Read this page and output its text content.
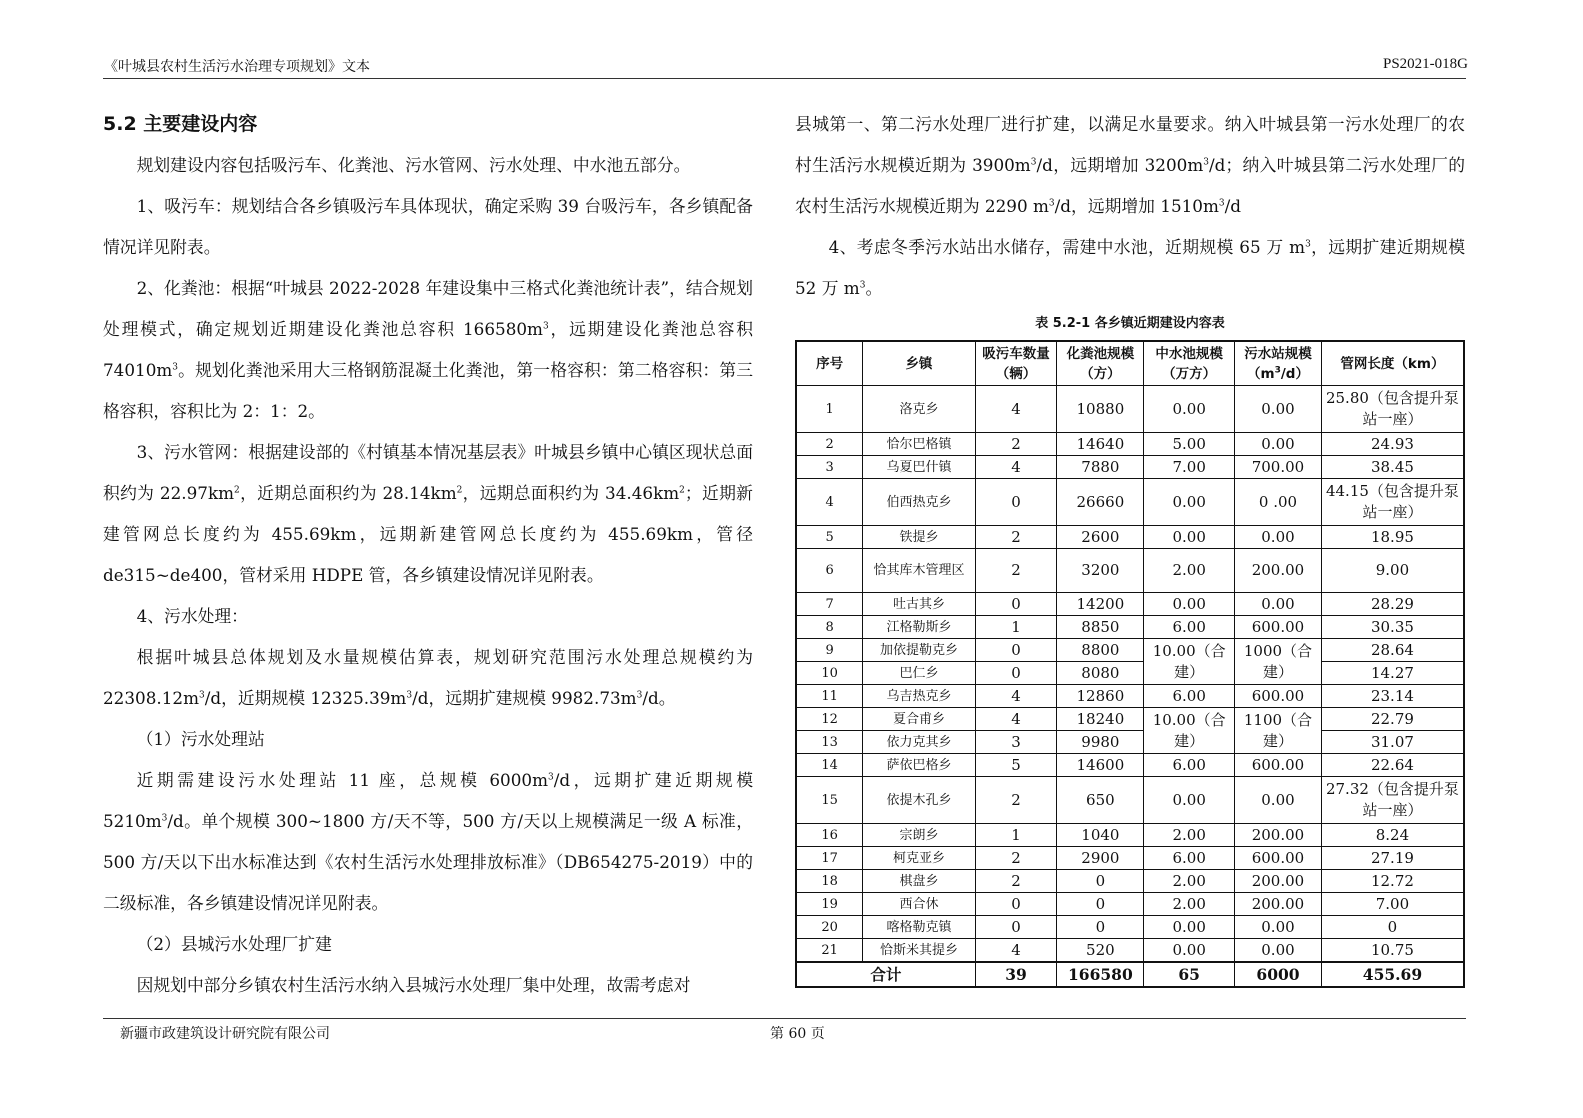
《叶城县农村生活污水治理专项规划》文本	PS2021-018G

5.2 主要建设内容

规划建设内容包括吸污车、化粪池、污水管网、污水处理、中水池五部分。

1、吸污车：规划结合各乡镇吸污车具体现状，确定采购 39 台吸污车，各乡镇配备情况详见附表。

2、化粪池：根据“叶城县 2022-2028 年建设集中三格式化粪池统计表”，结合规划处理模式，确定规划近期建设化粪池总容积 $166580m^3$，远期建设化粪池总容积 $74010m^3$。规划化粪池采用大三格钢筋混凝土化粪池，第一格容积：第二格容积：第三格容积，容积比为 2：1：2。

3、污水管网：根据建设部的《村镇基本情况基层表》叶城县乡镇中心镇区现状总面积约为 $22.97km^2$，近期总面积约为 $28.14km^2$，远期总面积约为 $34.46km^2$；近期新建管网总长度约为 455.69km，远期新建管网总长度约为 455.69km，管径 de315~de400，管材采用 HDPE 管，各乡镇建设情况详见附表。

4、污水处理：

根据叶城县总体规划及水量规模估算表，规划研究范围污水处理总规模约为 $22308.12m^3/d$，近期规模 $12325.39m^3/d$，远期扩建规模 $9982.73m^3/d$。

（1）污水处理站

近期需建设污水处理站 11 座，总规模 $6000m^3/d$，远期扩建近期规模 $5210m^3/d$。单个规模 300~1800 方/天不等，500 方/天以上规模满足一级 A 标准，500 方/天以下出水标准达到《农村生活污水处理排放标准》（DB654275-2019）中的二级标准，各乡镇建设情况详见附表。

（2）县城污水处理厂扩建

因规划中部分乡镇农村生活污水纳入县城污水处理厂集中处理，故需考虑对

县城第一、第二污水处理厂进行扩建，以满足水量要求。纳入叶城县第一污水处理厂的农村生活污水规模近期为 $3900m^3/d$，远期增加 $3200m^3/d$；纳入叶城县第二污水处理厂的农村生活污水规模近期为 2290 $m^3/d$，远期增加 $1510m^3/d$

4、考虑冬季污水站出水储存，需建中水池，近期规模 65 万 $m^3$，远期扩建近期规模 52 万 $m^3$。

表 5.2-1 各乡镇近期建设内容表
序号	乡镇	吸污车数量（辆）	化粪池规模（方）	中水池规模（万方）	污水站规模$(m^3/d)$	管网长度（km）
1	洛克乡	4	10880	0.00	0.00	25.80（包含提升泵站一座）
2	恰尔巴格镇	2	14640	5.00	0.00	24.93
3	乌夏巴什镇	4	7880	7.00	700.00	38.45
4	伯西热克乡	0	26660	0.00	0 .00	44.15（包含提升泵站一座）
5	铁提乡	2	2600	0.00	0.00	18.95
6	恰其库木管理区	2	3200	2.00	200.00	9.00
7	吐古其乡	0	14200	0.00	0.00	28.29
8	江格勒斯乡	1	8850	6.00	600.00	30.35
9	加依提勒克乡	0	8800	10.00（合建）	1000（合建）	28.64
10	巴仁乡	0	8080			14.27
11	乌吉热克乡	4	12860	6.00	600.00	23.14
12	夏合甫乡	4	18240	10.00（合建）	1100（合建）	22.79
13	依力克其乡	3	9980			31.07
14	萨依巴格乡	5	14600	6.00	600.00	22.64
15	依提木孔乡	2	650	0.00	0.00	27.32（包含提升泵站一座）
16	宗朗乡	1	1040	2.00	200.00	8.24
17	柯克亚乡	2	2900	6.00	600.00	27.19
18	棋盘乡	2	0	2.00	200.00	12.72
19	西合休	0	0	2.00	200.00	7.00
20	喀格勒克镇	0	0	0.00	0.00	0
21	恰斯米其提乡	4	520	0.00	0.00	10.75
合计		39	166580	65	6000	455.69
新疆市政建筑设计研究院有限公司	第 60 页
